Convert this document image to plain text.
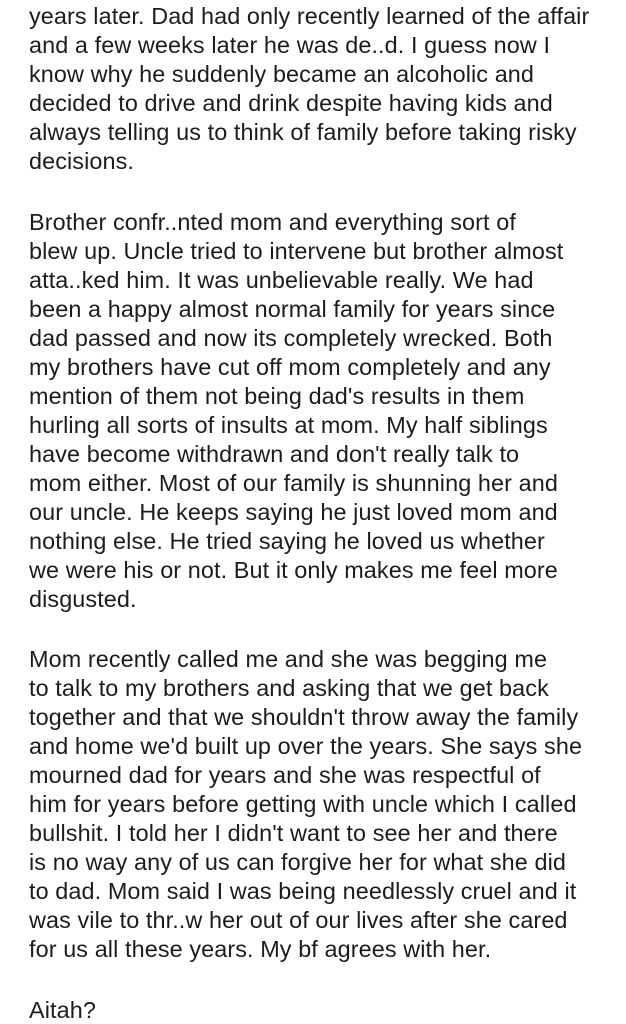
years later. Dad had only recently learned of the affair
and a few weeks later he was de..d. I guess now I
know why he suddenly became an alcoholic and
decided to drive and drink despite having kids and
always telling us to think of family before taking risky
decisions.
Brother confr..nted mom and everything sort of
blew up. Uncle tried to intervene but brother almost
atta..ked him. It was unbelievable really. We had
been a happy almost normal family for years since
dad passed and now its completely wrecked. Both
my brothers have cut off mom completely and any
mention of them not being dad's results in them
hurling all sorts of insults at mom. My half siblings
have become withdrawn and don't really talk to
mom either. Most of our family is shunning her and
our uncle. He keeps saying he just loved mom and
nothing else. He tried saying he loved us whether
we were his or not. But it only makes me feel more
disgusted.
Mom recently called me and she was begging me
to talk to my brothers and asking that we get back
together and that we shouldn't throw away the family
and home we'd built up over the years. She says she
mourned dad for years and she was respectful of
him for years before getting with uncle which I called
bullshit. I told her I didn't want to see her and there
is no way any of us can forgive her for what she did
to dad. Mom said I was being needlessly cruel and it
was vile to thr..w her out of our lives after she cared
for us all these years. My bf agrees with her.
Aitah?
